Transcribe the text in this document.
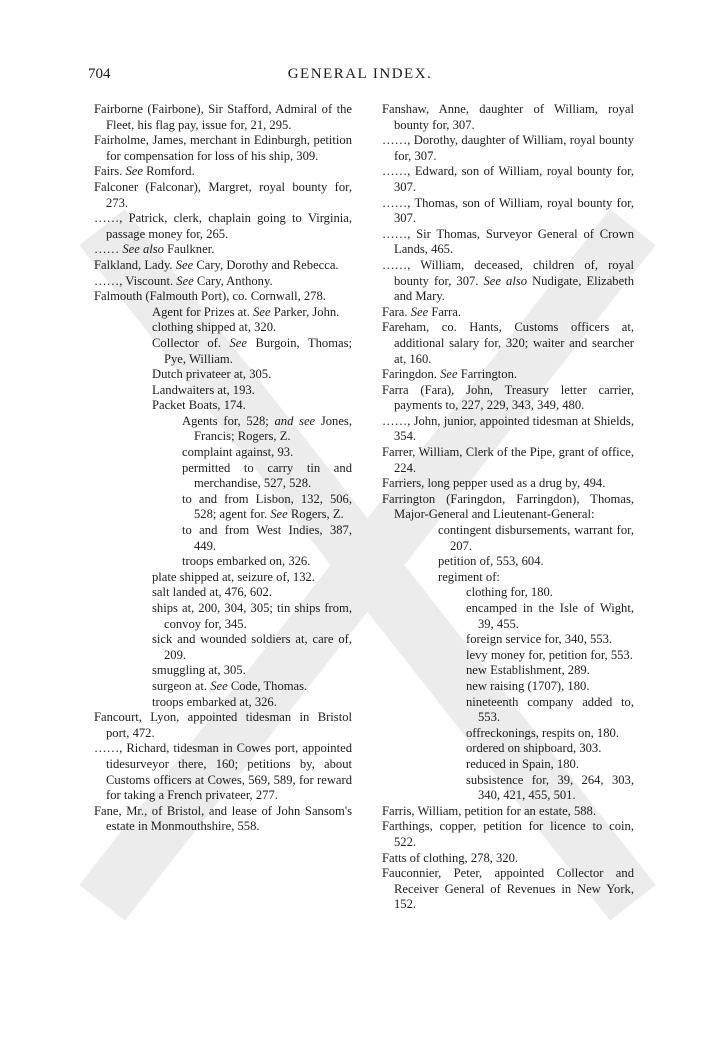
704	GENERAL INDEX.
Fairborne (Fairbone), Sir Stafford, Admiral of the Fleet, his flag pay, issue for, 21, 295.
Fairholme, James, merchant in Edinburgh, petition for compensation for loss of his ship, 309.
Fairs. See Romford.
Falconer (Falconar), Margret, royal bounty for, 273.
……, Patrick, clerk, chaplain going to Virginia, passage money for, 265.
…… See also Faulkner.
Falkland, Lady. See Cary, Dorothy and Rebecca.
……, Viscount. See Cary, Anthony.
Falmouth (Falmouth Port), co. Cornwall, 278.
Agent for Prizes at. See Parker, John.
clothing shipped at, 320.
Collector of. See Burgoin, Thomas; Pye, William.
Dutch privateer at, 305.
Landwaiters at, 193.
Packet Boats, 174.
Agents for, 528; and see Jones, Francis; Rogers, Z.
complaint against, 93.
permitted to carry tin and merchandise, 527, 528.
to and from Lisbon, 132, 506, 528; agent for. See Rogers, Z.
to and from West Indies, 387, 449.
troops embarked on, 326.
plate shipped at, seizure of, 132.
salt landed at, 476, 602.
ships at, 200, 304, 305; tin ships from, convoy for, 345.
sick and wounded soldiers at, care of, 209.
smuggling at, 305.
surgeon at. See Code, Thomas.
troops embarked at, 326.
Fancourt, Lyon, appointed tidesman in Bristol port, 472.
……, Richard, tidesman in Cowes port, appointed tidesurveyor there, 160; petitions by, about Customs officers at Cowes, 569, 589, for reward for taking a French privateer, 277.
Fane, Mr., of Bristol, and lease of John Sansom's estate in Monmouthshire, 558.
Fanshaw, Anne, daughter of William, royal bounty for, 307.
……, Dorothy, daughter of William, royal bounty for, 307.
……, Edward, son of William, royal bounty for, 307.
……, Thomas, son of William, royal bounty for, 307.
……, Sir Thomas, Surveyor General of Crown Lands, 465.
……, William, deceased, children of, royal bounty for, 307. See also Nudigate, Elizabeth and Mary.
Fara. See Farra.
Fareham, co. Hants, Customs officers at, additional salary for, 320; waiter and searcher at, 160.
Faringdon. See Farrington.
Farra (Fara), John, Treasury letter carrier, payments to, 227, 229, 343, 349, 480.
……, John, junior, appointed tidesman at Shields, 354.
Farrer, William, Clerk of the Pipe, grant of office, 224.
Farriers, long pepper used as a drug by, 494.
Farrington (Faringdon, Farringdon), Thomas, Major-General and Lieutenant-General:
contingent disbursements, warrant for, 207.
petition of, 553, 604.
regiment of:
clothing for, 180.
encamped in the Isle of Wight, 39, 455.
foreign service for, 340, 553.
levy money for, petition for, 553.
new Establishment, 289.
new raising (1707), 180.
nineteenth company added to, 553.
offreckonings, respits on, 180.
ordered on shipboard, 303.
reduced in Spain, 180.
subsistence for, 39, 264, 303, 340, 421, 455, 501.
Farris, William, petition for an estate, 588.
Farthings, copper, petition for licence to coin, 522.
Fatts of clothing, 278, 320.
Fauconnier, Peter, appointed Collector and Receiver General of Revenues in New York, 152.
